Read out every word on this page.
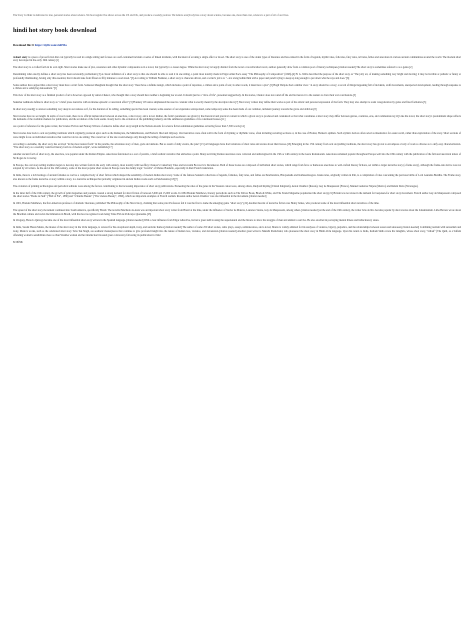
The Story Collider is dedicated to true, personal stories about science. We host regular live shows across the US and UK, and produce a weekly podcast. We believe everybody has a story about science, because one, more than ever, science is a part of all of our lives.

hindi hot story book download
Download file ⇒ https://tiyfir.com/2eR59a

A short story is a piece of prose fiction that can typically be read in a single sitting and focuses on a self-contained incident or series of linked incidents, with the intent of evoking a single effect or mood. The short story is one of the oldest types of literature and has existed in the form of legends, mythic tales, folk tales, fairy tales, tall tales, fables and anecdotes in various ancient communities around the world. The modern short story developed in the early 19th century.[1]

The short story is a crafted form in its own right. Short stories make use of plot, resonance and other dynamic components as in a novel, but typically to a lesser degree. While the short story is largely distinct from the novel or novella/short novel, authors generally draw from a common pool of literary techniques.[citation needed] The short story is sometimes referred to as a genre.[2]

Determining what exactly defines a short story has been recurrently problematic.[3] A classic definition of a short story is that one should be able to read it in one sitting, a point most notably made in Edgar Allan Poe's essay "The Philosophy of Composition" (1846).[4] H. G. Wells described the purpose of the short story as "The jolly art, of making something very bright and moving; it may be horrible or pathetic or funny or profoundly illuminating, having only this essential, that it should take from fifteen to fifty minutes to read aloud."[5] According to William Faulkner, a short story is character-driven, and a writer's job is to "...trot along behind him with a paper and pencil trying to keep up long enough to put down what he says and does."[6]

Some authors have argued that a short story must have a strict form. Somerset Maugham thought that the short story "must have a definite design, which includes a point of departure, a climax and a point of test; in other words, it must have a plot".[5] Hugh Walpole had a similar view: "A story should be a story; a record of things happening full of incidents, swift movements, unexpected development, leading through suspense to a climax and a satisfying denouement."[5]

This view of the short story as a finished product of art is however opposed by Anton Chekov, who thought that a story should have neither a beginning nor an end. It should just be a "slice of life", presented suggestively. In his stories, Chekov does not round off the end but leaves it to the readers to draw their own conclusions.[5]

Sukumar Azhikode defined a short story as "a brief prose narrative with an intense episodic or anecdotal effect".[3] Flannery O'Connor emphasized the need to consider what is exactly meant by the descriptor short.[7] Short story writers may define their works as part of the artistic and personal expression of the form. They may also attempt to resist categorization by genre and fixed formation.[5]

In short story needs[] to answer something very deep in our natures as if, for the duration of its telling, something special has been created, some essence of our experience extrapolated, some temporary sense has been made of our common, turbulent journey towards the grave and oblivion.[8]

Short stories have no set length. In terms of word count, there is no official demarcation between an anecdote, a short story, and a novel. Rather, the form's parameters are given by the rhetorical and practical context in which a given story is produced and considered so that what constitutes a short story may differ between genres, countries, eras, and commentators.[12] Like the novel, the short story's predominant shape reflects the demands of the available markets for publication, and the evolution of the form seems closely tied to the evolution of the publishing industry and the submission guidelines of its constituent houses.[11]

As a point of reference for the genre writer, the Science Fiction and Fantasy Writers of America define short story length in the Nebula Awards for science fiction submission guidelines as having fewer than 7,500 words.[14]

Short stories date back to oral storytelling traditions which originally produced epics such as the Ramayana, the Mahabharata, and Homer's Iliad and Odyssey. Oral narratives were often told in the form of rhyming or rhythmic verse, often including recurring sections or, in the case of Homer, Homeric epithets. Such stylistic devices often acted as mnemonics for easier recall, rather than exploitation of the story. Short sections of verse might focus on individual narratives that could be told at one sitting. The overall arc of the tale would emerge only through the telling of multiple such sections.

According to Aelianhe, the short story has evolved "in the most natural form" in the parable, the adventure story of men, gods and demons. But as result of daily events, the joke".[15] All languages have had variations of short tales and stories about their heroes.[16] Emerging in the 17th century from oral storytelling traditions, the short story has grown to encompass a body of work so diverse as to defy easy characterization. "The short story as a carefully contrived literary form is of modern origin", wrote Abdullah.[17]

Another ancient form of short story, the anecdote, was popular under the Roman Empire. Anecdotes functioned as a sort of parable, a brief realistic narrative that embodies a point. Many surviving Roman anecdotes were collected and anthologized in the 13th or 14th century in the Gesta Romanorum. Anecdotes remained popular throughout Europe well into the 18th century with the publication of the fictional anecdotal letters of Sir Roger de Coverley.

In Europe, the oral story-telling tradition began to develop into written form in the early 14th century, most notably with Geoffrey Chaucer's Canterbury Tales and Giovanni Boccaccio's Decameron. Both of these books are composed of individual short stories, which range from farce or humorous anecdotes to well-crafted literary fictions, set within a larger narrative story (a frame story), although the frame-tale device was not adopted by all writers. At the end of the 16th century, some of the most popular short stories in Europe were the darkly tragic "novella" of Matteo Bandello, especially in their French translation.

In India, there is a rich heritage of ancient folktales as well as a compiled body of short fiction which shaped the sensibility of modern Indian short story. Some of the famous Sanskrit collections of legends, folktales, fairy tales, and fables are Panchatantra, Hitopadesha and Kathasaritsagara. Jataka tales, originally written in Pali, is a compilation of tales concerning the previous births of Lord Gautama Buddha. The Frame story, also known as the frame narrative or story within a story, is a narrative technique that probably originated in ancient Indian works such as Panchatantra.[18][?]

The evolution of printing technologies and periodical editions were among the factors contributing to the increasing importance of short story publications. Pioneering the rules of the genre in the Western canon were, among others, Rudyard Kipling (United Kingdom), Anton Chekhov (Russia), Guy de Maupassant (France), Manuel Gutiérrez Nájera (Mexico) and Rubén Darío (Nicaragua).

In the latter half of the 19th century, the growth of print magazines and journals created a strong demand for short fiction of between 3,000 and 15,000 words. In 1884 Brander Matthews, literary periodicals such as The Yellow Book, Black & White, and The Strand Magazine popularized the short story.[21] Britain was not alone in the demand for bespoken-for short story movement. French author Guy de Maupassant composed the short stories "Boule de Suif" ("Ball of Fat", 1880) and "L'Inutile Beauté" ("The Useless Beauty", 1890), which are important examples of French realism. Russian author Anton Chekhov was also influential in the movement.[citation needed]

In 1901, Brander Matthews, the first American professor of dramatic literature, published The Philosophy of the Short-Story, claiming that some prior Professors felt it was the first to name the emerging genre "short story".[22] Another theorist of narrative fiction was Henry James, who produced some of the most influential short narratives of the time.

The spread of the short story movement continued into South America, specifically Brazil. The novelist Machado de Assis was an important short story writer from Brazil at the time, under the influence of Xavier de Maistre, Laurence Sterne, Guy de Maupassant, among others.[citation needed] At the end of the 19th century, the writer João do Rio became popular by short stories about the bohemianism. Lima Barreto wrote about the Brazilian culture and racial discrimination in Brazil, with his most recognized work being Triste Fim de Policarpo Quaresma.[23]

In Uruguay, Horacio Quiroga became one of the most influential short-story writers in the Spanish language.[citation needed] With a clear influence from Edgar Allan Poe, he had a great skill in using the supernatural and the bizarre to show the struggle of man and animal to survive. He also excelled in portraying mental illness and hallucinatory states.

In India, Saadat Hasan Manto, the master of the short story in the Urdu language, is revered for his exceptional depth, irony, and sardonic humor.[citation needed] The author of some 250 short stories, radio plays, essays, reminiscences, and a novel, Manto is widely admired for his analyses of violence, bigotry, prejudice, and the relationships between reason and unreason.[citation needed] Combining realism with surrealism and irony, Manto's works, such as the celebrated short story Toba Tek Singh, are aesthetic masterpieces that continue to give profound insight into the nature of human loss, violence, and devastation.[citation needed] Another great writer is Munshi Premchand, who pioneered the short story in Hindi-Urdu language. Upon his return to India, Kailash Sinha wrote his Ghaghris, whose short story, "Lihaaf" (The Quilt, as a Sufism offending women's sensibilities more so than Wazirka women and her intellectual invested great controversy following its publication in 1942.

8158f58b
